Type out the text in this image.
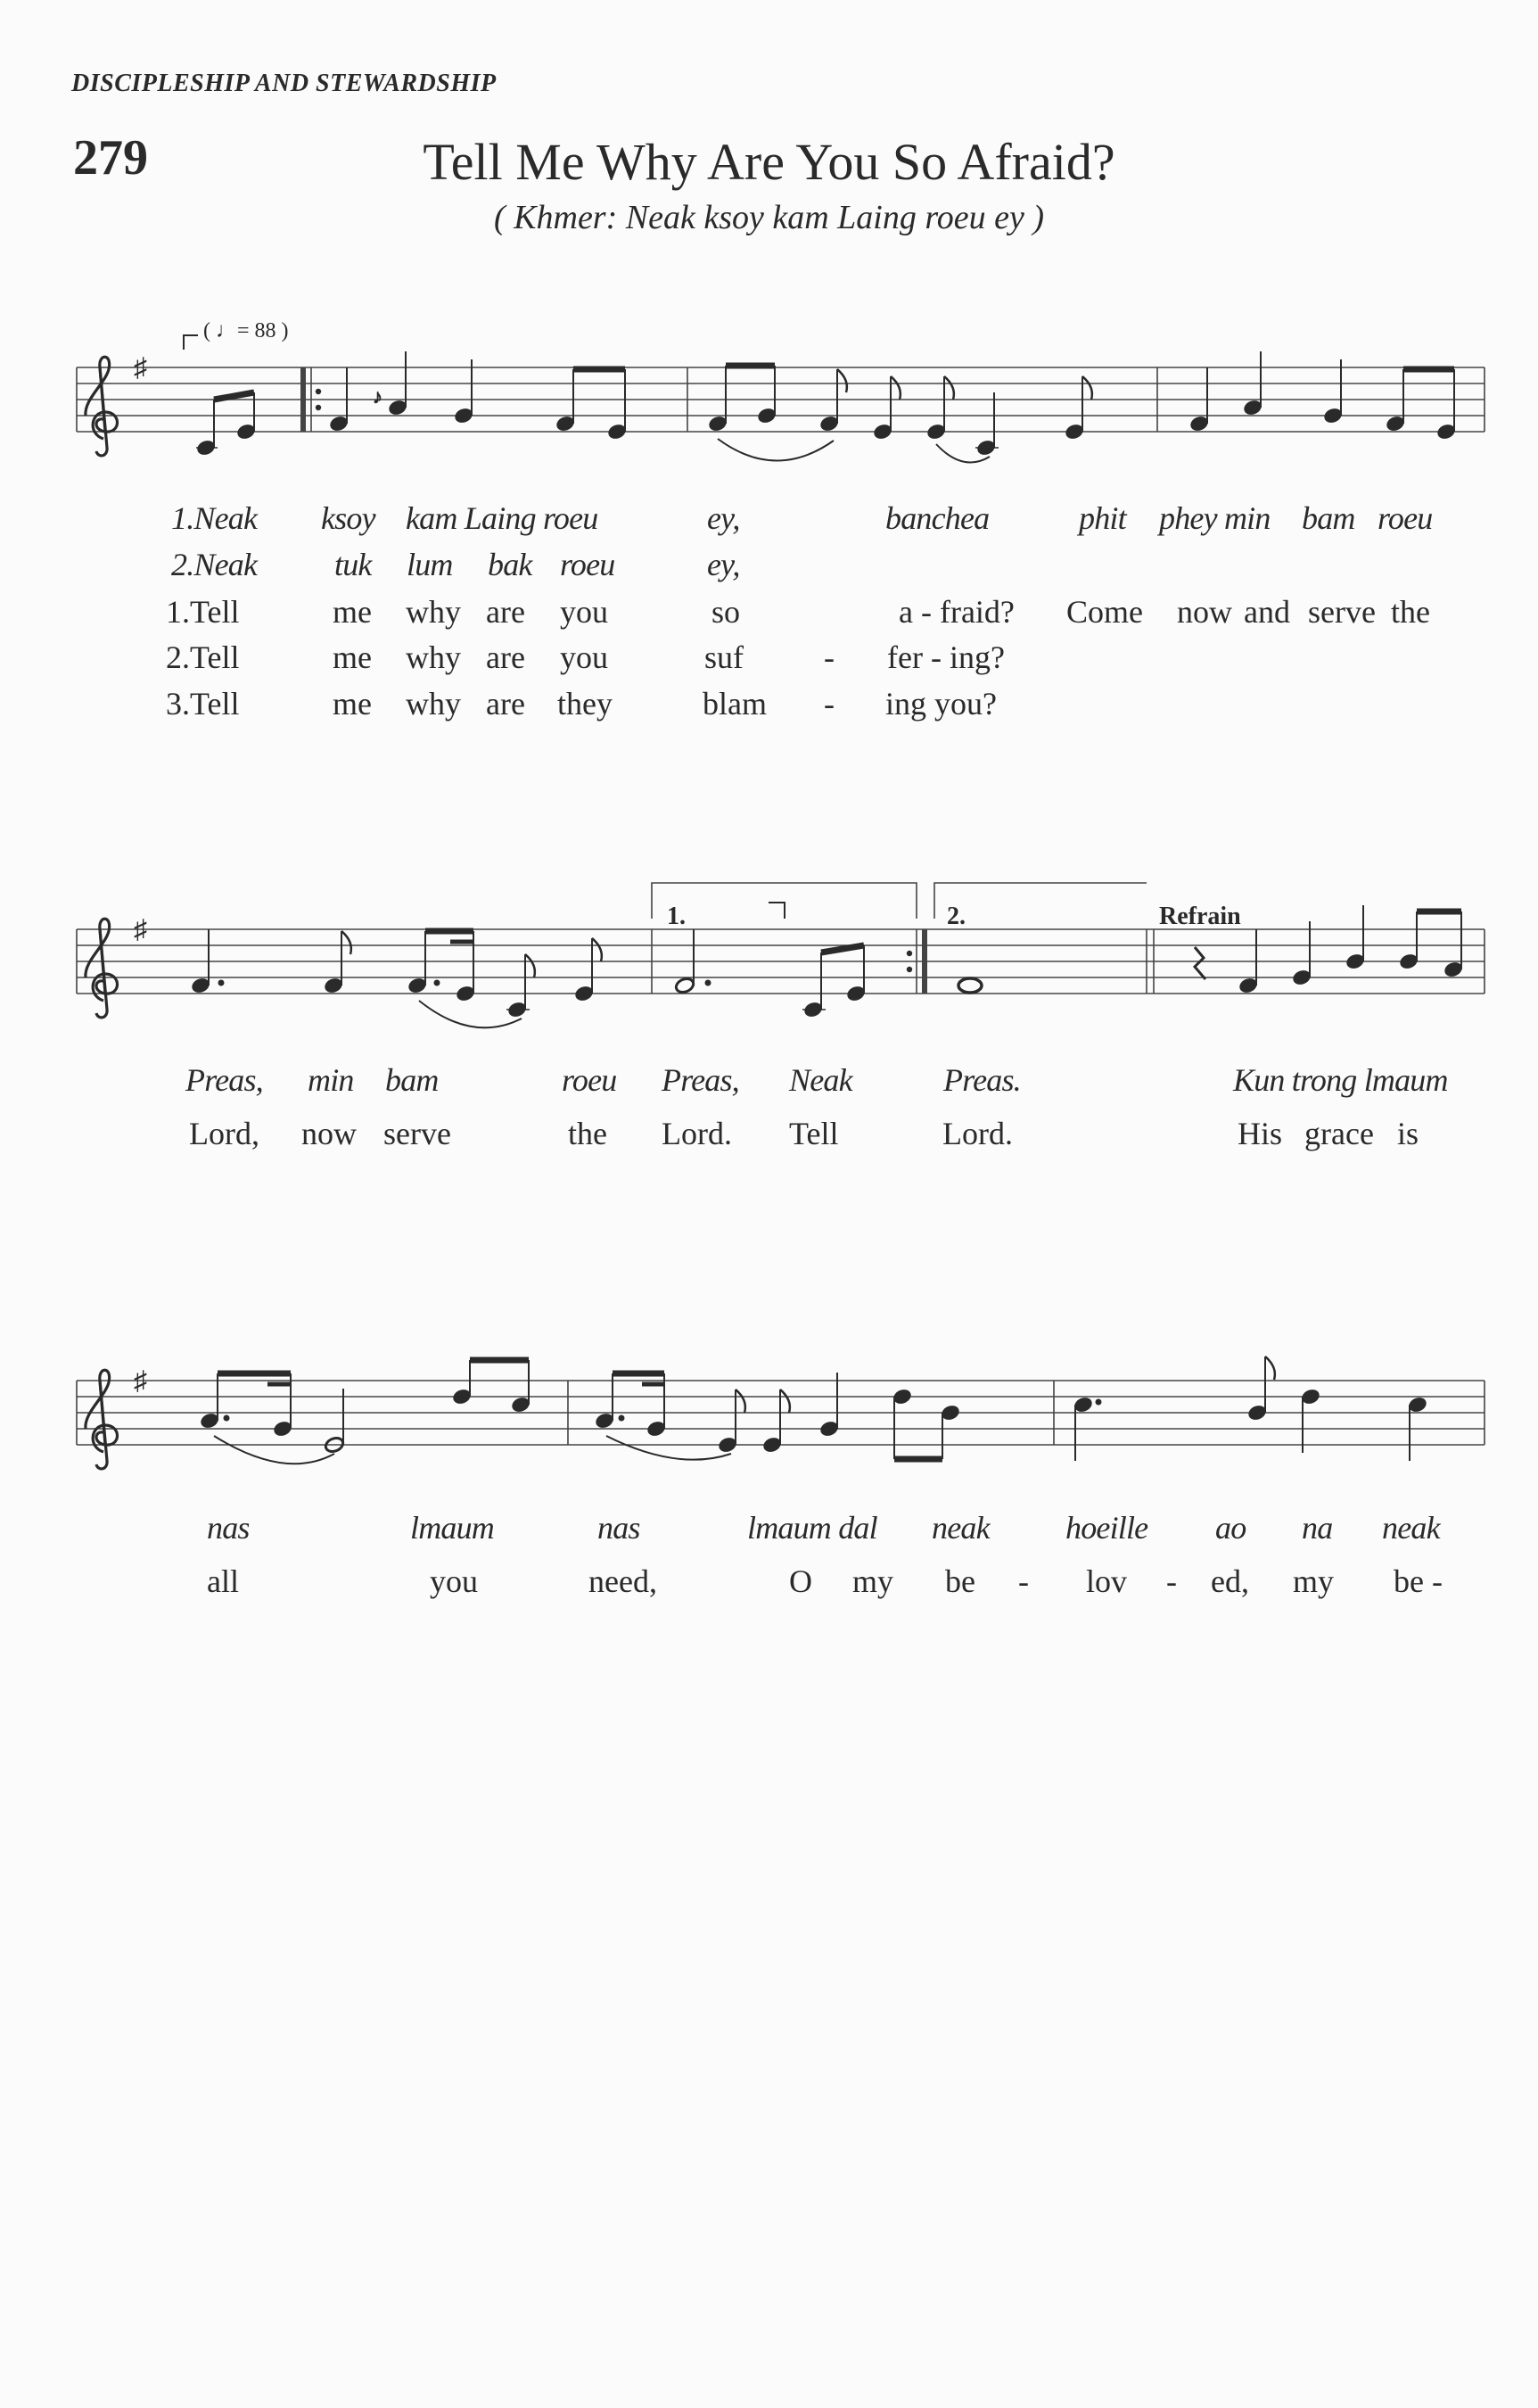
DISCIPLESHIP AND STEWARDSHIP
279	Tell Me Why Are You So Afraid?
( Khmer: Neak ksoy kam Laing roeu ey )
♯
( ♩= 88 )
♪
♯	1.	2.	Refrain
♯
1.Neak ksoy kam Laing roeu	ey,	banchea	phit phey min bam roeu
2.Neak tuk lum bak roeu	ey,
1.Tell	me why are you	so	a - fraid? Come now and serve the
2.Tell	me why are you	suf	- fer - ing?
3.Tell	me why are they	blam - ing you?
Preas, min bam	roeu Preas, Neak	Preas.	Kun trong lmaum
Lord, now serve	the Lord. Tell	Lord.	His grace is
nas	lmaum	nas	lmaum dal neak hoeille ao na neak
all	you	need,	O my be - lov - ed, my be -
